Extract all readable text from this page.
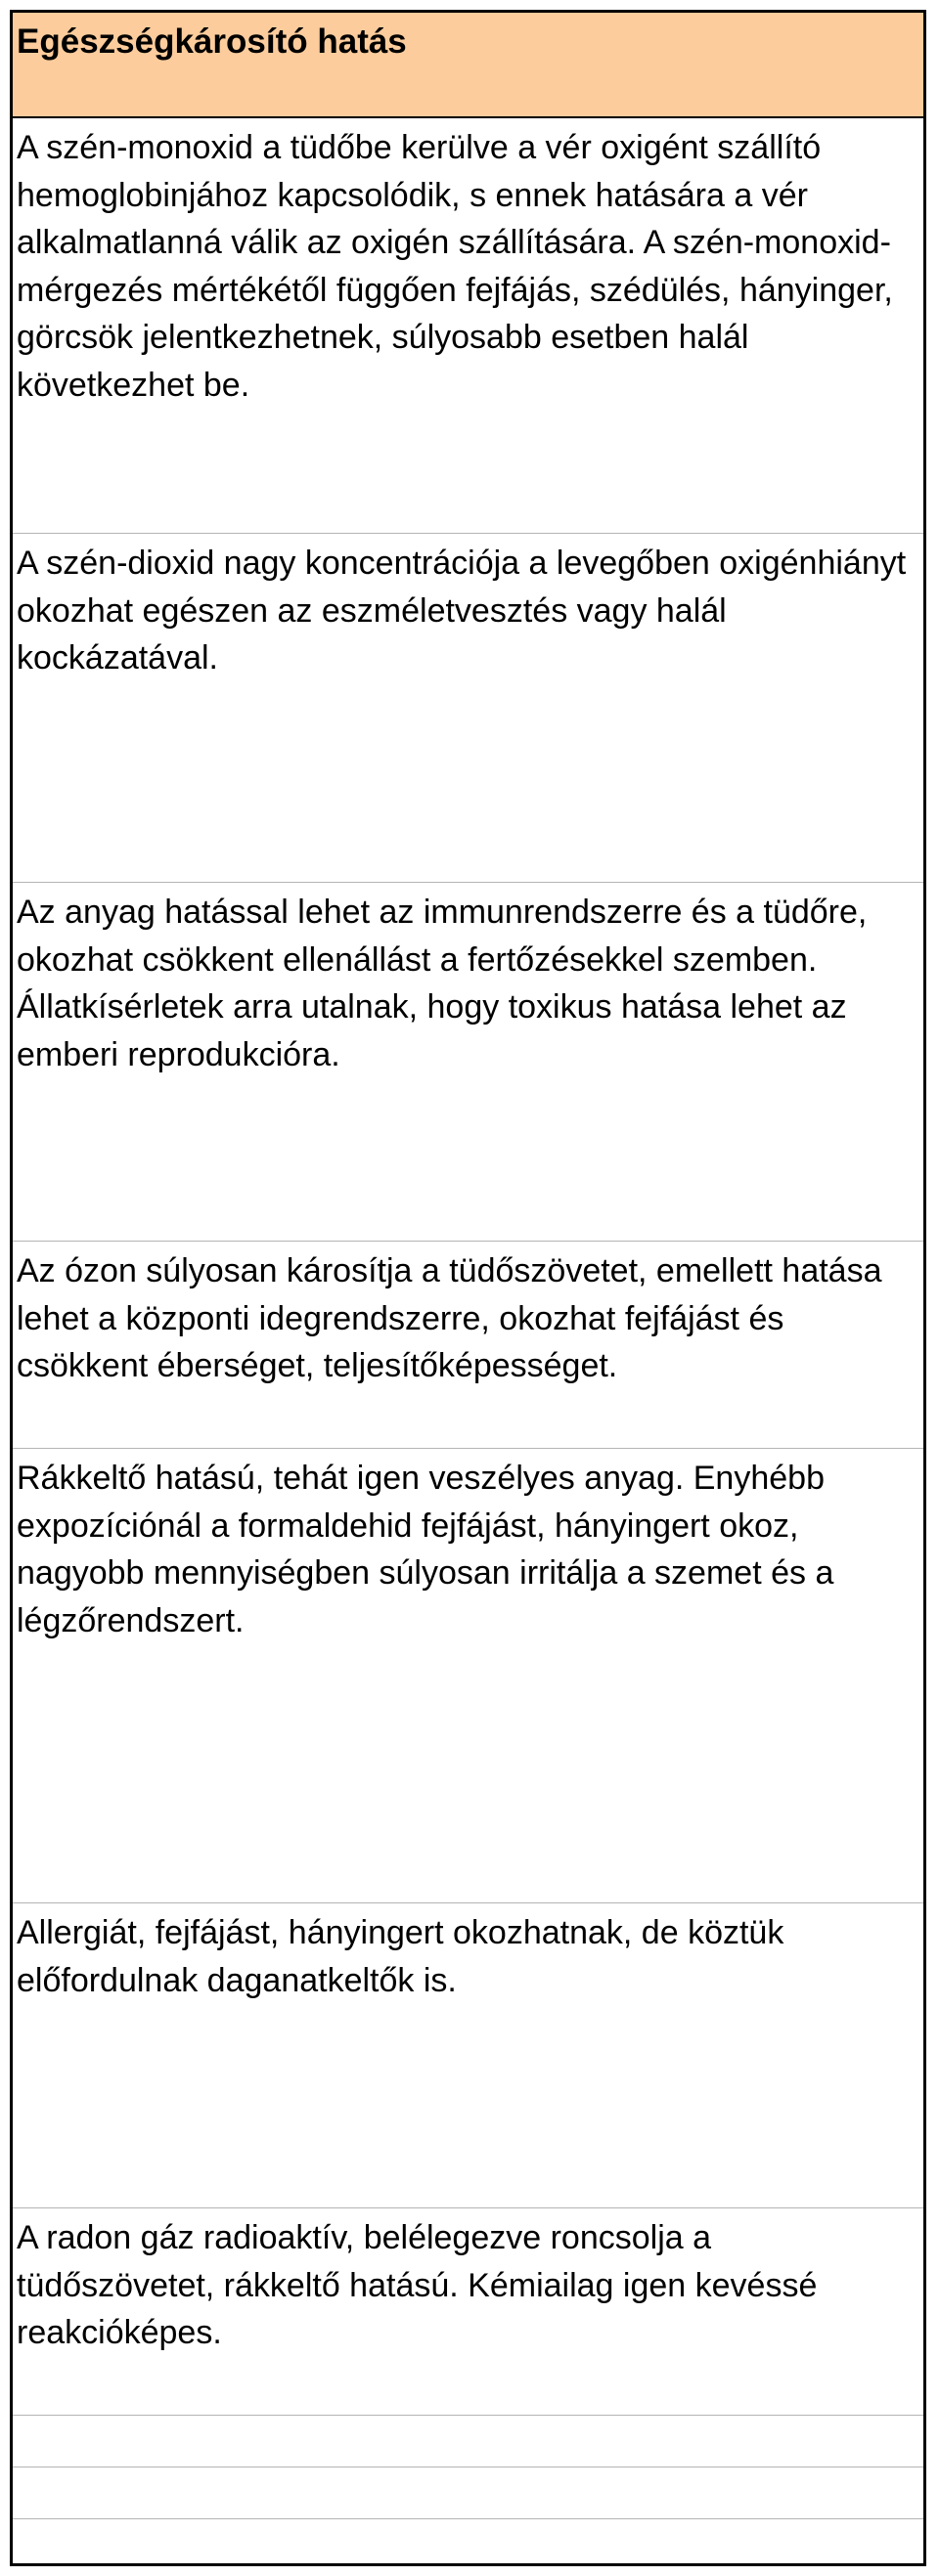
Egészségkárosító hatás
A szén-monoxid a tüdőbe kerülve a vér oxigént szállító hemoglobinjához kapcsolódik, s ennek hatására a vér alkalmatlanná válik az oxigén szállítására. A szén-monoxid-mérgezés mértékétől függően fejfájás, szédülés, hányinger, görcsök jelentkezhetnek, súlyosabb esetben halál következhet be.
A szén-dioxid nagy koncentrációja a levegőben oxigénhiányt okozhat egészen az eszméletvesztés vagy halál kockázatával.
Az anyag hatással lehet az immunrendszerre és a tüdőre, okozhat csökkent ellenállást a fertőzésekkel szemben. Állatkísérletek arra utalnak, hogy toxikus hatása lehet az emberi reprodukcióra.
Az ózon súlyosan károsítja a tüdőszövetet, emellett hatása lehet a központi idegrendszerre, okozhat fejfájást és csökkent éberséget, teljesítőképességet.
Rákkeltő hatású, tehát igen veszélyes anyag. Enyhébb expozíciónál a formaldehid fejfájást, hányingert okoz, nagyobb mennyiségben súlyosan irritálja a szemet és a légzőrendszert.
Allergiát, fejfájást, hányingert okozhatnak, de köztük előfordulnak daganatkeltők is.
A radon gáz radioaktív, belélegezve roncsolja a tüdőszövetet, rákkeltő hatású. Kémiailag igen kevéssé reakcióképes.
